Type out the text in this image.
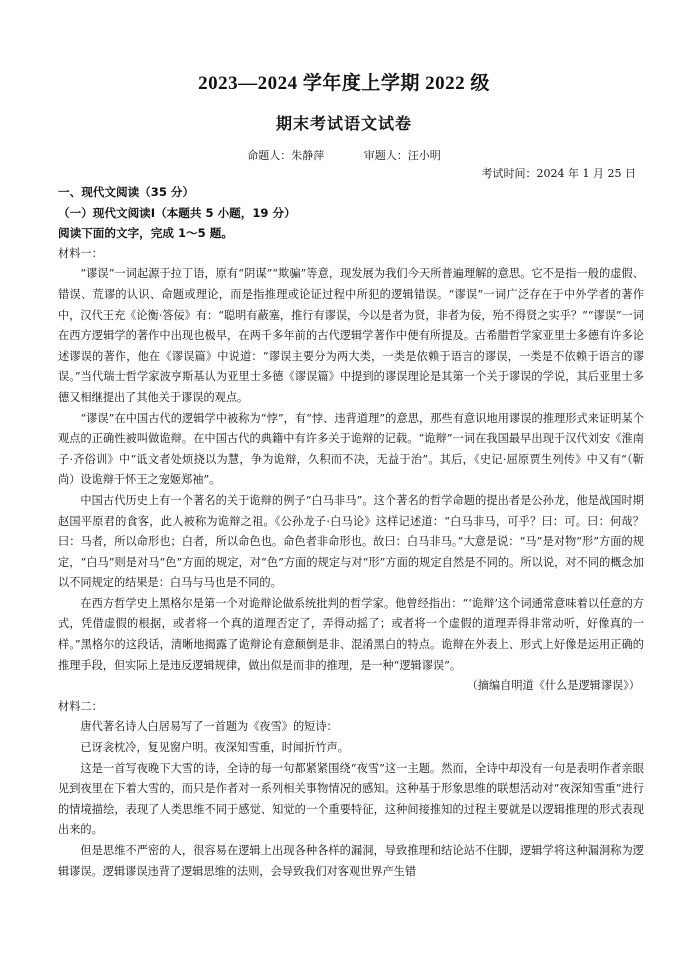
2023—2024 学年度上学期 2022 级
期末考试语文试卷
命题人：朱静萍	审题人：汪小明
考试时间：2024 年 1 月 25 日

一、现代文阅读（35 分）

（一）现代文阅读Ⅰ（本题共 5 小题，19 分）

阅读下面的文字，完成 1～5 题。

材料一：

“谬误”一词起源于拉丁语，原有“阴谋”“欺骗”等意，现发展为我们今天所普遍理解的意思。它不是指一般的虚假、错误、荒谬的认识、命题或理论，而是指推理或论证过程中所犯的逻辑错误。“谬误”一词广泛存在于中外学者的著作中，汉代王充《论衡·答佞》有：“聪明有蔽塞，推行有谬误，今以是者为贤，非者为佞，殆不得贤之实乎？”“谬误”一词在西方逻辑学的著作中出现也极早，在两千多年前的古代逻辑学著作中便有所提及。古希腊哲学家亚里士多德有许多论述谬误的著作，他在《谬误篇》中说道：“谬误主要分为两大类，一类是依赖于语言的谬误，一类是不依赖于语言的谬误。”当代瑞士哲学家波亨斯基认为亚里士多德《谬误篇》中提到的谬误理论是其第一个关于谬误的学说，其后亚里士多德又相继提出了其他关于谬误的观点。

“谬误”在中国古代的逻辑学中被称为“悖”，有“悖、违背道理”的意思，那些有意识地用谬误的推理形式来证明某个观点的正确性被叫做诡辩。在中国古代的典籍中有许多关于诡辩的记载。“诡辩”一词在我国最早出现于汉代刘安《淮南子·齐俗训》中“诋文者处烦挠以为慧，争为诡辩，久积而不决，无益于治”。其后，《史记·屈原贾生列传》中又有“（靳尚）设诡辩于怀王之宠姬郑袖”。

中国古代历史上有一个著名的关于诡辩的例子“白马非马”。这个著名的哲学命题的提出者是公孙龙，他是战国时期赵国平原君的食客，此人被称为诡辩之祖。《公孙龙子·白马论》这样记述道：“白马非马，可乎？曰：可。曰：何哉？曰：马者，所以命形也；白者，所以命色也。命色者非命形也。故曰：白马非马。”大意是说：“马”是对物“形”方面的规定，“白马”则是对马“色”方面的规定，对“色”方面的规定与对“形”方面的规定自然是不同的。所以说，对不同的概念加以不同规定的结果是：白马与马也是不同的。

在西方哲学史上黑格尔是第一个对诡辩论做系统批判的哲学家。他曾经指出：“‘诡辩’这个词通常意味着以任意的方式，凭借虚假的根据，或者将一个真的道理否定了，弄得动摇了；或者将一个虚假的道理弄得非常动听，好像真的一样。”黑格尔的这段话，清晰地揭露了诡辩论有意颠倒是非、混淆黑白的特点。诡辩在外表上、形式上好像是运用正确的推理手段，但实际上是违反逻辑规律，做出似是而非的推理，是一种“逻辑谬误”。

（摘编自明道《什么是逻辑谬误》）

材料二：

唐代著名诗人白居易写了一首题为《夜雪》的短诗：

已讶衾枕冷，复见窗户明。夜深知雪重，时闻折竹声。

这是一首写夜晚下大雪的诗，全诗的每一句都紧紧围绕“夜雪”这一主题。然而，全诗中却没有一句是表明作者亲眼见到夜里在下着大雪的，而只是作者对一系列相关事物情况的感知。这种基于形象思维的联想活动对“夜深知雪重”进行的情境描绘，表现了人类思维不同于感觉、知觉的一个重要特征，这种间接推知的过程主要就是以逻辑推理的形式表现出来的。

但是思维不严密的人，很容易在逻辑上出现各种各样的漏洞，导致推理和结论站不住脚，逻辑学将这种漏洞称为逻辑谬误。逻辑谬误违背了逻辑思维的法则，会导致我们对客观世界产生错
